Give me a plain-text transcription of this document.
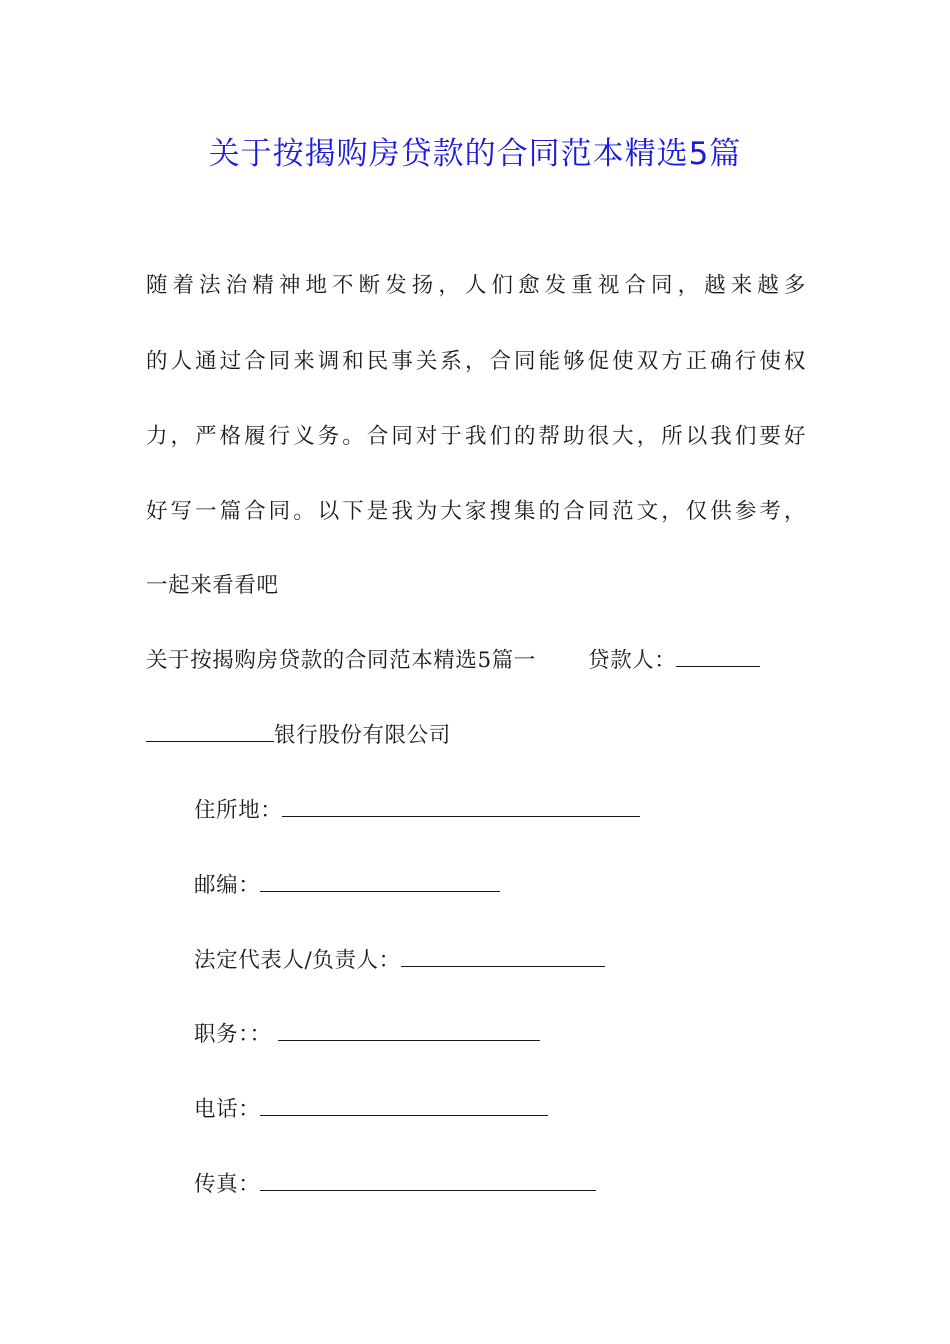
关于按揭购房贷款的合同范本精选5篇
随着法治精神地不断发扬，人们愈发重视合同，越来越多
的人通过合同来调和民事关系，合同能够促使双方正确行使权
力，严格履行义务。合同对于我们的帮助很大，所以我们要好
好写一篇合同。以下是我为大家搜集的合同范文，仅供参考，
一起来看看吧
关于按揭购房贷款的合同范本精选5篇一 贷款人：
银行股份有限公司
住所地：
邮编：
法定代表人/负责人：
职务：：
电话：
传真：
